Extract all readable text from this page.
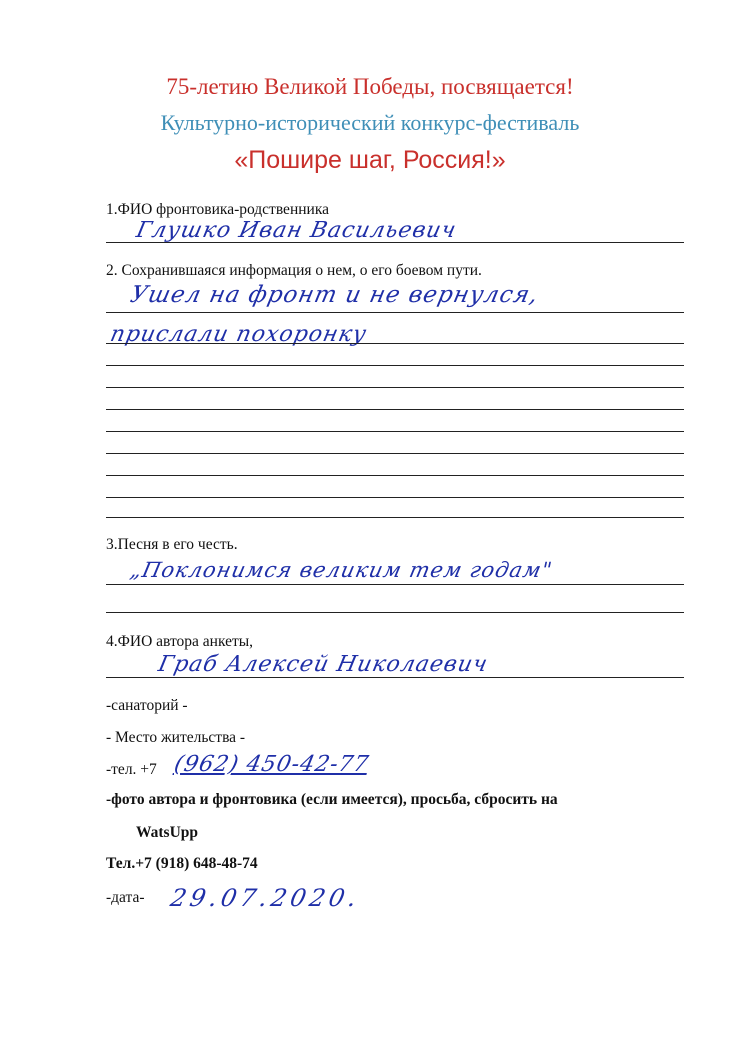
75-летию Великой Победы, посвящается!
Культурно-исторический конкурс-фестиваль
«Пошире шаг, Россия!»
1.ФИО фронтовика-родственника
Глушко Иван Васильевич
2. Сохранившаяся информация о нем, о его боевом пути.
Ушел на фронт и не вернулся,
прислали похоронку
3.Песня в его честь.
„Поклонимся великим тем годам"
4.ФИО автора анкеты,
Граб Алексей Николаевич
-санаторий -
- Место жительства -
-тел. +7 (962) 450-42-77
-фото автора и фронтовика (если имеется), просьба, сбросить на
WatsUpp
Тел.+7 (918) 648-48-74
-дата- 29.07.2020.
